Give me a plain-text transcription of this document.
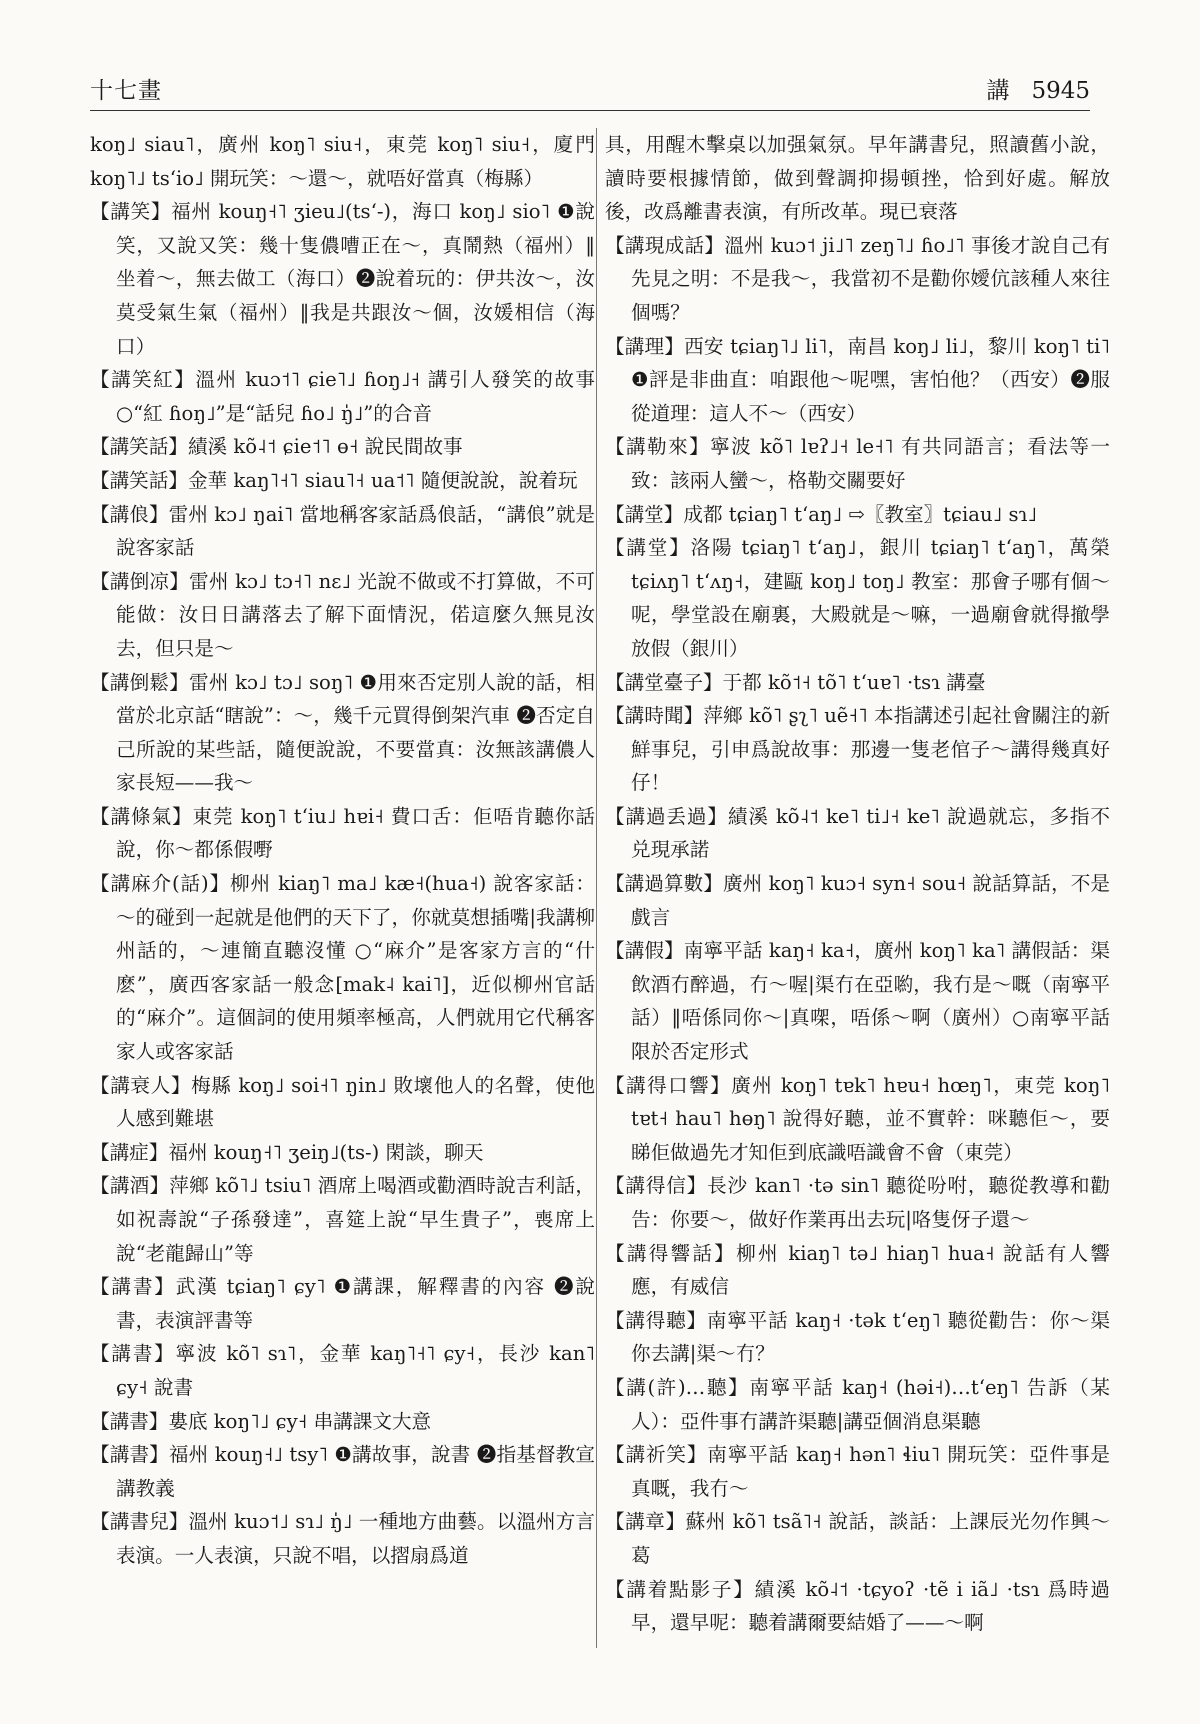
十七畫	講 5945
koŋ˩ siau˥，廣州 koŋ˥ siu˧，東莞 koŋ˥ siu˧，廈門 koŋ˥˩ tsʻio˩ 開玩笑：～還～，就唔好當真（梅縣）
【講笑】福州 kouŋ˧˥ ʒieu˩(tsʻ-)，海口 koŋ˩ sio˥ ❶說笑，又說又笑：幾十隻儂嘈正在～，真鬧熱（福州）‖坐着～，無去做工（海口）❷說着玩的：伊共汝～，汝莫受氣生氣（福州）‖我是共跟汝～個，汝媛相信（海口）
【講笑紅】溫州 kuɔ˦˥ ɕie˥˩ ɦoŋ˩˧ 講引人發笑的故事 ○“紅 ɦoŋ˩”是“話兒 ɦo˩ ŋ̍˩”的合音
【講笑話】績溪 kõ˨˦ ɕie˦˥ ɵ˧ 說民間故事
【講笑話】金華 kaŋ˥˧˥ siau˥˧ ua˦˥ 隨便說說，說着玩
【講俍】雷州 kɔ˩ ŋai˥ 當地稱客家話爲俍話，“講俍”就是說客家話
【講倒凉】雷州 kɔ˩ tɔ˧˥ nɛ˩ 光說不做或不打算做，不可能做：汝日日講落去了解下面情況，偌這麼久無見汝去，但只是～
【講倒鬆】雷州 kɔ˩ tɔ˩ soŋ˥ ❶用來否定別人說的話，相當於北京話“瞎說”：～，幾千元買得倒架汽車 ❷否定自己所說的某些話，隨便說說，不要當真：汝無該講儂人家長短——我～
【講條氣】東莞 koŋ˥ tʻiu˩ hɐi˧ 費口舌：佢唔肯聽你話說，你～都係假嘢
【講麻介(話)】柳州 kiaŋ˥ ma˩ kæ˧(hua˧) 說客家話：～的碰到一起就是他們的天下了，你就莫想插嘴|我講柳州話的，～連簡直聽沒懂 ○“麻介”是客家方言的“什麽”，廣西客家話一般念[mak˨ kai˥]，近似柳州官話的“麻介”。這個詞的使用頻率極高，人們就用它代稱客家人或客家話
【講衰人】梅縣 koŋ˩ soi˧˥ ŋin˩ 敗壞他人的名聲，使他人感到難堪
【講症】福州 kouŋ˧˥ ʒeiŋ˩(ts-) 閑談，聊天
【講酒】萍鄉 kõ˥˩ tsiu˥ 酒席上喝酒或勸酒時說吉利話，如祝壽說“子孫發達”，喜筵上說“早生貴子”，喪席上說“老龍歸山”等
【講書】武漢 tɕiaŋ˥ ɕy˥ ❶講課，解釋書的內容 ❷說書，表演評書等
【講書】寧波 kõ˥ sɿ˥，金華 kaŋ˥˧˥ ɕy˧，長沙 kan˥ ɕy˧ 說書
【講書】婁底 koŋ˥˩ ɕy˧ 串講課文大意
【講書】福州 kouŋ˧˩ tsy˥ ❶講故事，說書 ❷指基督教宣講教義
【講書兒】溫州 kuɔ˦˩ sɿ˩ ŋ̍˩ 一種地方曲藝。以溫州方言表演。一人表演，只說不唱，以摺扇爲道
具，用醒木擊桌以加强氣氛。早年講書兒，照讀舊小說，讀時要根據情節，做到聲調抑揚頓挫，恰到好處。解放後，改爲離書表演，有所改革。現已衰落
【講現成話】溫州 kuɔ˦ ji˩˥ zeŋ˥˩ ɦo˩˥ 事後才說自己有先見之明：不是我～，我當初不是勸你嬡伉該種人來往個嗎？
【講理】西安 tɕiaŋ˥˩ li˥，南昌 koŋ˩ li˩，黎川 koŋ˥ ti˥ ❶評是非曲直：咱跟他～呢嘿，害怕他？（西安）❷服從道理：這人不～（西安）
【講勒來】寧波 kõ˥ lɐʔ˩˧ le˧˥ 有共同語言；看法等一致：該兩人蠻～，格勒交關要好
【講堂】成都 tɕiaŋ˥ tʻaŋ˩ ⇨〖教室〗tɕiau˩ sɿ˩
【講堂】洛陽 tɕiaŋ˥ tʻaŋ˩，銀川 tɕiaŋ˥ tʻaŋ˥，萬榮 tɕiʌŋ˥ tʻʌŋ˧，建甌 koŋ˩ toŋ˩ 教室：那會子哪有個～呢，學堂設在廟裏，大殿就是～嘛，一過廟會就得撤學放假（銀川）
【講堂臺子】于都 kõ˦˧ tõ˥ tʻuɐ˥ ·tsɿ 講臺
【講時聞】萍鄉 kõ˥ ʂʅ˥ uẽ˧˥ 本指講述引起社會關注的新鮮事兒，引申爲說故事：那邊一隻老倌子～講得幾真好仔！
【講過丢過】績溪 kõ˨˦ ke˥ ti˩˧ ke˥ 說過就忘，多指不兑現承諾
【講過算數】廣州 koŋ˥ kuɔ˧ syn˧ sou˧ 說話算話，不是戲言
【講假】南寧平話 kaŋ˧ ka˧，廣州 koŋ˥ ka˥ 講假話：渠飲酒冇醉過，冇～喔|渠冇在亞喲，我冇是～嘅（南寧平話）‖唔係同你～|真㗎，唔係～啊（廣州）○南寧平話限於否定形式
【講得口響】廣州 koŋ˥ tɐk˥ hɐu˧ hœŋ˥，東莞 koŋ˥ tɐt˧ hau˥ hɵŋ˥ 說得好聽，並不實幹：咪聽佢～，要睇佢做過先才知佢到底識唔識會不會（東莞）
【講得信】長沙 kan˥ ·tə sin˥ 聽從吩咐，聽從教導和勸告：你要～，做好作業再出去玩|咯隻伢子還～
【講得響話】柳州 kiaŋ˥ tə˩ hiaŋ˥ hua˧ 說話有人響應，有威信
【講得聽】南寧平話 kaŋ˧ ·tək tʻeŋ˥ 聽從勸告：你～渠你去講|渠～冇？
【講(許)…聽】南寧平話 kaŋ˧ (həi˧)…tʻeŋ˥ 告訴（某人）：亞件事冇講許渠聽|講亞個消息渠聽
【講祈笑】南寧平話 kaŋ˧ hən˥ ɬiu˥ 開玩笑：亞件事是真嘅，我冇～
【講章】蘇州 kõ˥ tsã˥˧ 說話，談話：上課辰光勿作興～葛
【講着點影子】績溪 kõ˨˦ ·tɕyoʔ ·tẽ i iã˩ ·tsɿ 爲時過早，還早呢：聽着講爾要結婚了——～啊
